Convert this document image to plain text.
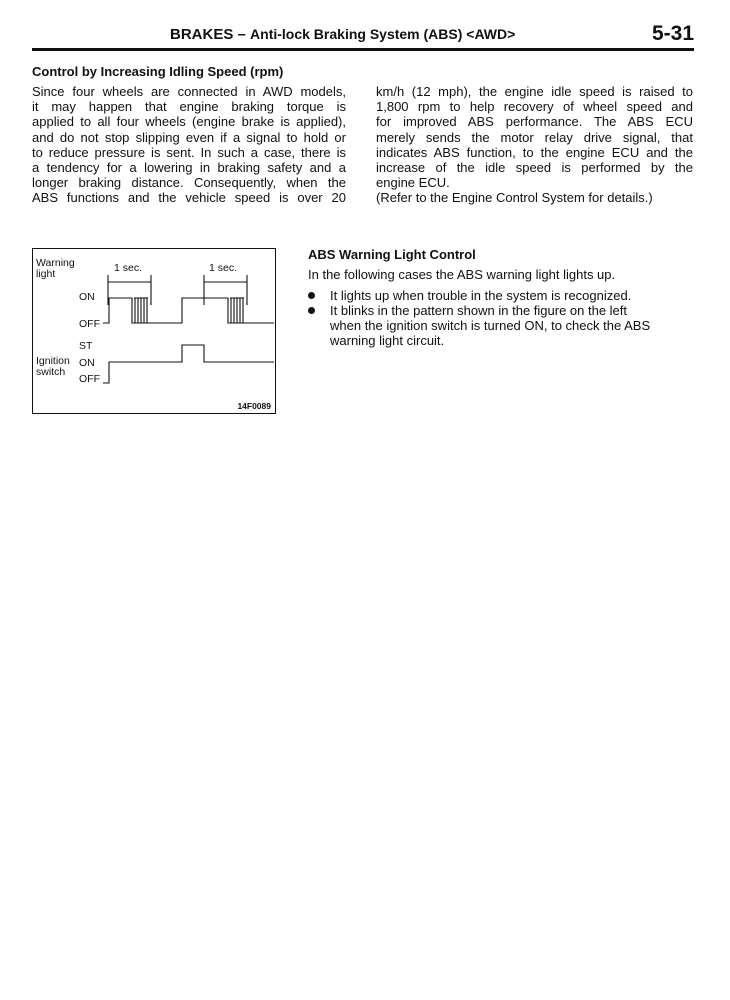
BRAKES – Anti-lock Braking System (ABS) <AWD>	5-31
Control by Increasing Idling Speed (rpm)
Since four wheels are connected in AWD models,
it may happen that engine braking torque is
applied to all four wheels (engine brake is applied),
and do not stop slipping even if a signal to hold or
to reduce pressure is sent. In such a case, there is
a tendency for a lowering in braking safety and a
longer braking distance. Consequently, when the
ABS functions and the vehicle speed is over 20
km/h (12 mph), the engine idle speed is raised to
1,800 rpm to help recovery of wheel speed and
for improved ABS performance. The ABS ECU
merely sends the motor relay drive signal, that
indicates ABS function, to the engine ECU and the
increase of the idle speed is performed by the
engine ECU.
(Refer to the Engine Control System for details.)
Warning
light	1 sec.	1 sec.
ON
OFF
ST
Ignition
switch
ON
OFF
14F0089
ABS Warning Light Control
In the following cases the ABS warning light lights up.
It lights up when trouble in the system is recognized.
It blinks in the pattern shown in the figure on the left
when the ignition switch is turned ON, to check the ABS
warning light circuit.
